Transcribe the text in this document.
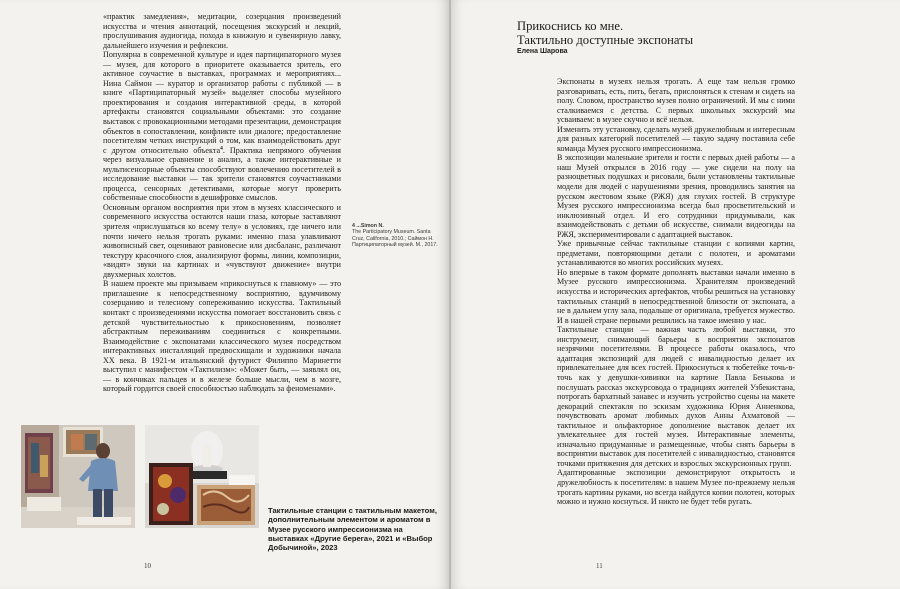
«практик замедления», медитации, созерцания произведений искусства и чтения аннотаций, посещения экскурсий и лекций, прослушивания аудиогида, похода в книжную и сувенирную лавку, дальнейшего изучения и рефлексии.

Популярна в современной культуре и идея партиципаторного музея — музея, для которого в приоритете оказывается зритель, его активное соучастие в выставках, программах и мероприятиях... Нина Саймон — куратор и организатор работы с публикой — в книге «Партиципаторный музей» выделяет способы музейного проектирования и создания интерактивной среды, в которой артефакты становятся социальными объектами: это создание выставок с провокационными методами презентации, демонстрация объектов в сопоставлении, конфликте или диалоге; предоставление посетителям четких инструкций о том, как взаимодействовать друг с другом относительно объекта$^4$. Практика непрямого обучения через визуальное сравнение и анализ, а также интерактивные и мультисенсорные объекты способствуют вовлечению посетителей в исследование выставки — так зрители становятся соучастниками процесса, сенсорных детективами, которые могут проверить собственные способности в дешифровке смыслов.

Основным органом восприятия при этом в музеях классического и современного искусства остаются наши глаза, которые заставляют зрителя «прислушаться ко всему телу» в условиях, где ничего или почти ничего нельзя трогать руками: именно глаза улавливают живописный свет, оценивают равновесие или дисбаланс, различают текстуру красочного слоя, анализируют формы, линии, композиции, «видят» звуки на картинах и «чувствуют движение» внутри двухмерных холстов.

В нашем проекте мы призываем «прикоснуться к главному» — это приглашение к непосредственному восприятию, вдумчивому созерцанию и телесному сопереживанию искусства. Тактильный контакт с произведениями искусства помогает восстановить связь с детской чувствительностью к прикосновениям, позволяет абстрактным переживаниям соединиться с конкретными. Взаимодействие с экспонатами классического музея посредством интерактивных инсталляций предвосхищали и художники начала XX века. В 1921-м итальянский футурист Филиппо Маринетти выступил с манифестом «Тактилизм»: «Может быть, — заявлял он, — в кончиках пальцев и в железе больше мысли, чем в мозге, который гордится своей способностью наблюдать за феноменами».

4 ...Simon N.
The Participatory Museum. Santa Cruz, California, 2010.; Саймон Н. Партиципаторный музей. М., 2017.
Тактильные станции с тактильным макетом, дополнительным элементом и ароматом в Музее русского импрессионизма на выставках «Другие берега», 2021 и «Выбор Добычиной», 2023
10
Прикоснись ко мне.
Тактильно доступные экспонаты
Елена Шарова

Экспонаты в музеях нельзя трогать. А еще там нельзя громко разговаривать, есть, пить, бегать, прислоняться к стенам и сидеть на полу. Словом, пространство музея полно ограничений. И мы с ними сталкиваемся с детства. С первых школьных экскурсий мы усваиваем: в музее скучно и всё нельзя.

Изменить эту установку, сделать музей дружелюбным и интересным для разных категорий посетителей — такую задачу поставила себе команда Музея русского импрессионизма.

В экспозиции маленькие зрители и гости с первых дней работы — а наш Музей открылся в 2016 году — уже сидели на полу на разноцветных подушках и рисовали, были установлены тактильные модели для людей с нарушениями зрения, проводились занятия на русском жестовом языке (РЖЯ) для глухих гостей. В структуре Музея русского импрессионизма всегда был просветительский и инклюзивный отдел. И его сотрудники придумывали, как взаимодействовать с детьми об искусстве, снимали видеогиды на РЖЯ, экспериментировали с адаптацией выставок.

Уже привычные сейчас тактильные станции с копиями картин, предметами, повторяющими детали с полотен, и ароматами устанавливаются во многих российских музеях.

Но впервые в таком формате дополнять выставки начали именно в Музее русского импрессионизма. Хранителям произведений искусства и исторических артефактов, чтобы решиться на установку тактильных станций в непосредственной близости от экспоната, а не в дальнем углу зала, подальше от оригинала, требуется мужество. И в нашей стране первыми решились на такое именно у нас.

Тактильные станции — важная часть любой выставки, это инструмент, снимающий барьеры в восприятии экспонатов незрячими посетителями. В процессе работы оказалось, что адаптация экспозиций для людей с инвалидностью делает их привлекательнее для всех гостей. Прикоснуться к тюбетейке точь-в-точь как у девушки-хивинки на картине Павла Бенькова и послушать рассказ экскурсовода о традициях жителей Узбекистана, потрогать бархатный занавес и изучить устройство сцены на макете декораций спектакля по эскизам художника Юрия Анненкова, почувствовать аромат любимых духов Анны Ахматовой — тактильное и ольфакторное дополнение выставок делает их увлекательнее для гостей музея. Интерактивные элементы, изначально придуманные и размещенные, чтобы снять барьеры в восприятии выставок для посетителей с инвалидностью, становятся точками притяжения для детских и взрослых экскурсионных групп.

Адаптированные экспозиции демонстрируют открытость и дружелюбность к посетителям: в нашем Музее по-прежнему нельзя трогать картины руками, но всегда найдутся копии полотен, которых можно и нужно коснуться. И никто не будет тебя ругать.

11
